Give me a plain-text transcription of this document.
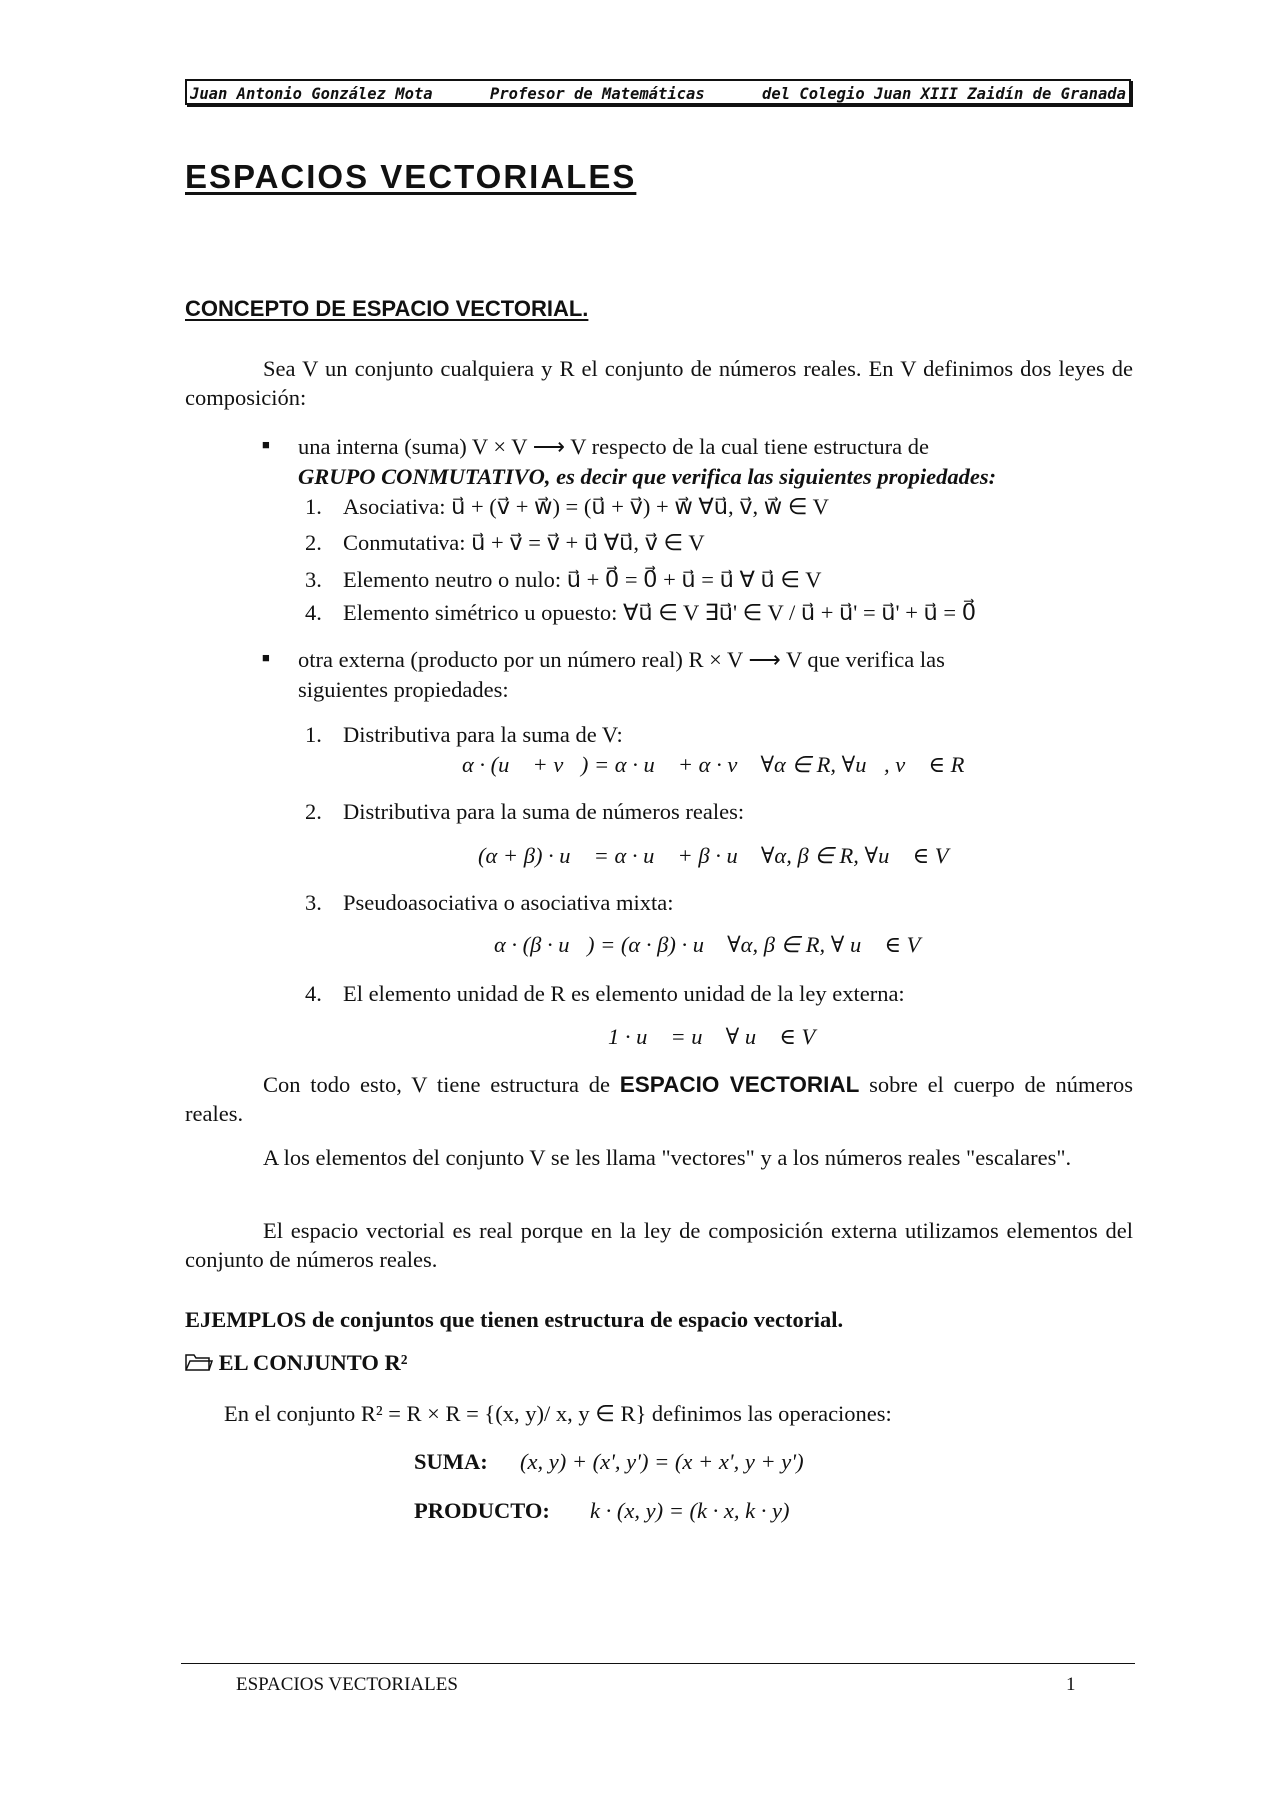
Juan Antonio González Mota	Profesor de Matemáticas	del Colegio Juan XIII Zaidín de Granada
ESPACIOS VECTORIALES
CONCEPTO DE ESPACIO VECTORIAL.
Sea V un conjunto cualquiera y R el conjunto de números reales. En V definimos dos leyes de composición:
■ una interna (suma) V × V ⟶ V respecto de la cual tiene estructura de
GRUPO CONMUTATIVO, es decir que verifica las siguientes propiedades:
1. Asociativa: u⃗ + (v⃗ + w⃗) = (u⃗ + v⃗) + w⃗ ∀u⃗, v⃗, w⃗ ∈ V
2. Conmutativa: u⃗ + v⃗ = v⃗ + u⃗ ∀u⃗, v⃗ ∈ V
3. Elemento neutro o nulo: u⃗ + 0⃗ = 0⃗ + u⃗ = u⃗ ∀ u⃗ ∈ V
4. Elemento simétrico u opuesto: ∀u⃗ ∈ V ∃u⃗' ∈ V / u⃗ + u⃗' = u⃗' + u⃗ = 0⃗
■ otra externa (producto por un número real) R × V ⟶ V que verifica las
siguientes propiedades:
1. Distributiva para la suma de V:
α · (u⃗ + v⃗) = α · u⃗ + α · v⃗ ∀α ∈ R, ∀u⃗, v⃗ ∈ R
2. Distributiva para la suma de números reales:
(α + β) · u⃗ = α · u⃗ + β · u⃗ ∀α, β ∈ R, ∀u⃗ ∈ V
3. Pseudoasociativa o asociativa mixta:
α · (β · u⃗) = (α · β) · u⃗ ∀α, β ∈ R, ∀ u⃗ ∈ V
4. El elemento unidad de R es elemento unidad de la ley externa:
1 · u⃗ = u⃗ ∀ u⃗ ∈ V
Con todo esto, V tiene estructura de ESPACIO VECTORIAL sobre el cuerpo de números reales.
A los elementos del conjunto V se les llama "vectores" y a los números reales "escalares".
El espacio vectorial es real porque en la ley de composición externa utilizamos elementos del conjunto de números reales.
EJEMPLOS de conjuntos que tienen estructura de espacio vectorial.
EL CONJUNTO R²
En el conjunto R² = R × R = {(x, y)/ x, y ∈ R} definimos las operaciones:
SUMA: (x, y) + (x', y') = (x + x', y + y')
PRODUCTO: k · (x, y) = (k · x, k · y)
ESPACIOS VECTORIALES	1
